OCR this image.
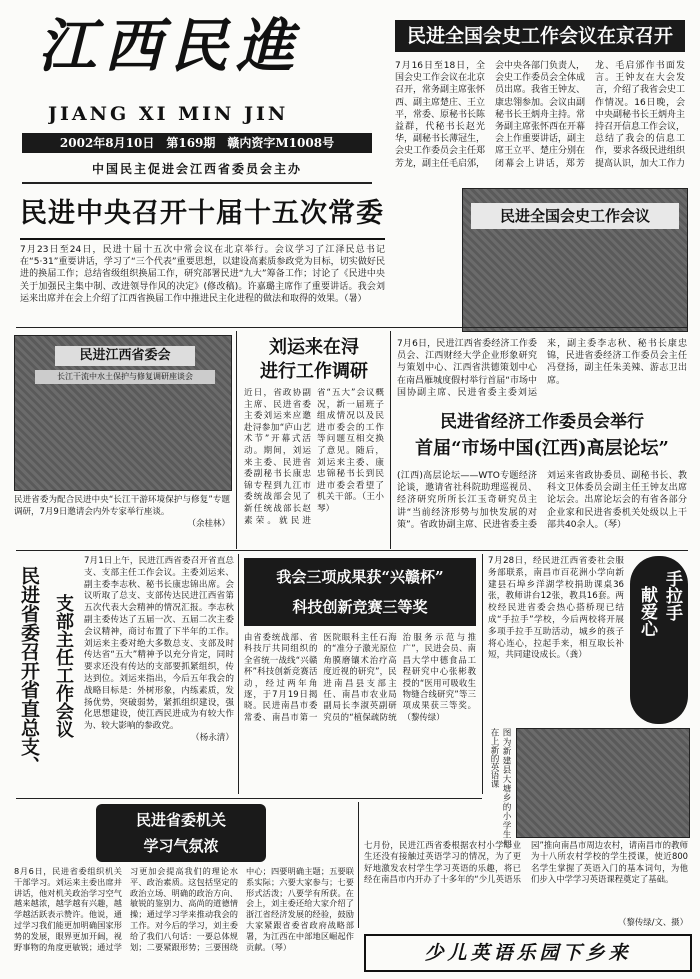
江西民進
JIANG XI MIN JIN
2002年8月10日　第169期　赣内资字M1008号
中国民主促进会江西省委员会主办
民进全国会史工作会议在京召开
7月16日至18日，全国会史工作会议在北京召开，常务副主席张怀西、副主席楚庄、王立平，常委、原秘书长陈益群，代秘书长赵光华，副秘书长薄冠生，会史工作委员会主任郑芳龙，副主任毛启邠，会中央各部门负责人，会史工作委员会全体成员出席。我省王钟友、康忠翎参加。会议由副秘书长王炳舟主持。常务副主席张怀西在开幕会上作重要讲话，副主席王立平、楚庄分别在闭幕会上讲话，郑芳龙、毛启邠作书面发言。王钟友在大会发言，介绍了我省会史工作情况。16日晚，会中央副秘书长王炳舟主持召开信息工作会议，总结了我会的信息工作，要求各级民进组织提高认识，加大工作力
民进全国会史工作会议
民进中央召开十届十五次常委
7月23日至24日，民进十届十五次中常会议在北京举行。会议学习了江泽民总书记在“5·31”重要讲话，学习了“三个代表”重要思想，以建设高素质参政党为目标，切实做好民进的换届工作；总结省级组织换届工作，研究部署民进“九大”筹备工作；讨论了《民进中央关于加强民主集中制、改进领导作风的决定》(修改稿)。许嘉璐主席作了重要讲话。我会刘运来出席并在会上介绍了江西省换届工作中推进民主化进程的做法和取得的效果。（暑）
民进江西省委会
长江干流中水土保护与修复调研座谈会
民进省委为配合民进中央“长江干游环境保护与修复”专题调研，7月9日邀请会内外专家举行座谈。
（余桂林）
刘运来在浔
进行工作调研
近日，省政协副主席、民进省委主委刘运来应邀赴浔参加“庐山艺术节”开幕式活动。期间，刘运来主委、民进省委副秘书长康忠锦专程到九江市委统战部会见了新任统战部长赵素荣。就民进省“五大”会议概况，新一届班子组成情况以及民进市委会的工作等问题互相交换了意见。随后，刘运来主委、康忠锦秘书长到民进市委会看望了机关干部。（王小琴）
7月6日，民进江西省委经济工作委员会、江西财经大学企业形象研究与策划中心、江西省洪德策划中心在南昌雁城度假村举行首届“市场中国协副主席、民进省委主委刘运来，副主委李志秋、秘书长康忠锦，民进省委经济工作委员会主任冯登扬，副主任朱美辣、游志卫出席。
民进省经济工作委员会举行
首届“市场中国(江西)高层论坛”
(江西)高层论坛——WTO专题经济论谈，邀请省社科院助理巡视员、经济研究所所长江玉奇研究员主讲“当前经济形势与加快发展的对策”。省政协副主席、民进省委主委刘运来省政协委员、副秘书长、教科文卫体委员会副主任王钟友出席论坛会。出席论坛会的有省各部分企业家和民进省委机关处级以上干部共40余人。（琴）
民进省委召开省直总支、 支部主任工作会议
7月1日上午，民进江西省委召开省直总支、支部主任工作会议。主委刘运来、副主委李志秋、秘书长康忠锦出席。会议听取了总支、支部传达民进江西省第五次代表大会精神的情况汇报。李志秋副主委传达了五届一次、五届二次主委会议精神，商讨布置了下半年的工作。刘运来主委对绝大多数总支、支部及时传达省“五大”精神予以充分肯定，同时要求还没有传达的支部要抓紧组织，传达到位。刘运来指出，今后五年我会的战略目标是：外树形象，内练素质，发扬优势，突破弱势，紧抓组织建设，强化思想建设，使江西民进成为有较大作为、较大影响的参政党。
（杨永清）
我会三项成果获“兴赣杯”
科技创新竞赛三等奖
由省委统战部、省科技厅共同组织的全省统一战线“兴赣杯”科技创新竞赛活动，经过两年角逐，于7月19日揭晓。民进南昌市委常委、南昌市第一医院眼科主任石海的“准分子激光原位角膜磨镶术治疗高度近视的研究”，民进南昌县支部主任、南昌市农业局副局长李淑英副研究员的“植保疏防统治服务示范与推广”，民进会员、南昌大学中德食品工程研究中心张彬教授的“医用可吸收生物缝合线研究”等三项成果获三等奖。（黎传绿）
7月28日，经民进江西省委社会服务部联系，南昌市百花洲小学向新建县石埠乡洋湖学校捐助课桌36张，教师讲台12张，教具16套。两校经民进省委会热心搭桥现已结成“手拉手”学校，今后两校将开展多项手拉手互助活动，城乡的孩子将心连心，拉起手来，相互取长补短，共同建设成长。（龚）
手拉手
献爱心
图为新建县大塘乡的小学生们在上新的英语课
民进省委机关
学习气氛浓
8月6日，民进省委组织机关干部学习。刘运来主委出席并讲话，他对机关政治学习空气越来越浓，越学越有兴趣，越学越活跃表示赞许。他说，通过学习我们能更加明确国家形势的发展，眼界更加开阔，视野事物的角度更敏锐；通过学习更加会提高我们的理论水平、政治素质。这包括坚定的政治立场、明确的政治方向、敏锐的鉴别力、高尚的道德情操；通过学习学来推动我会的工作。对今后的学习，刘主委给了我们八句话：一要总体规划；二要紧跟形势；三要围绕中心；四要明确主题；五要联系实际；六要大家参与；七要形式活泼；八要学有所获。在会上，刘主委还给大家介绍了浙江省经济发展的经验，鼓励大家紧跟省委省政府战略部署，为江西在中部地区崛起作贡献。（琴）
七月份，民进江西省委根据农村小学毕业生还没有接触过英语学习的情况，为了更好地激发农村学生学习英语的乐趣，将已经在南昌市内开办了十多年的“少儿英语乐园”推向南昌市周边农村，请南昌市的教师为十八所农村学校的学生授课，使近800名学生掌握了英语入门的基本词句，为他们步入中学学习英语课程奠定了基础。
（黎传绿/文、摄）
少儿英语乐园下乡来
